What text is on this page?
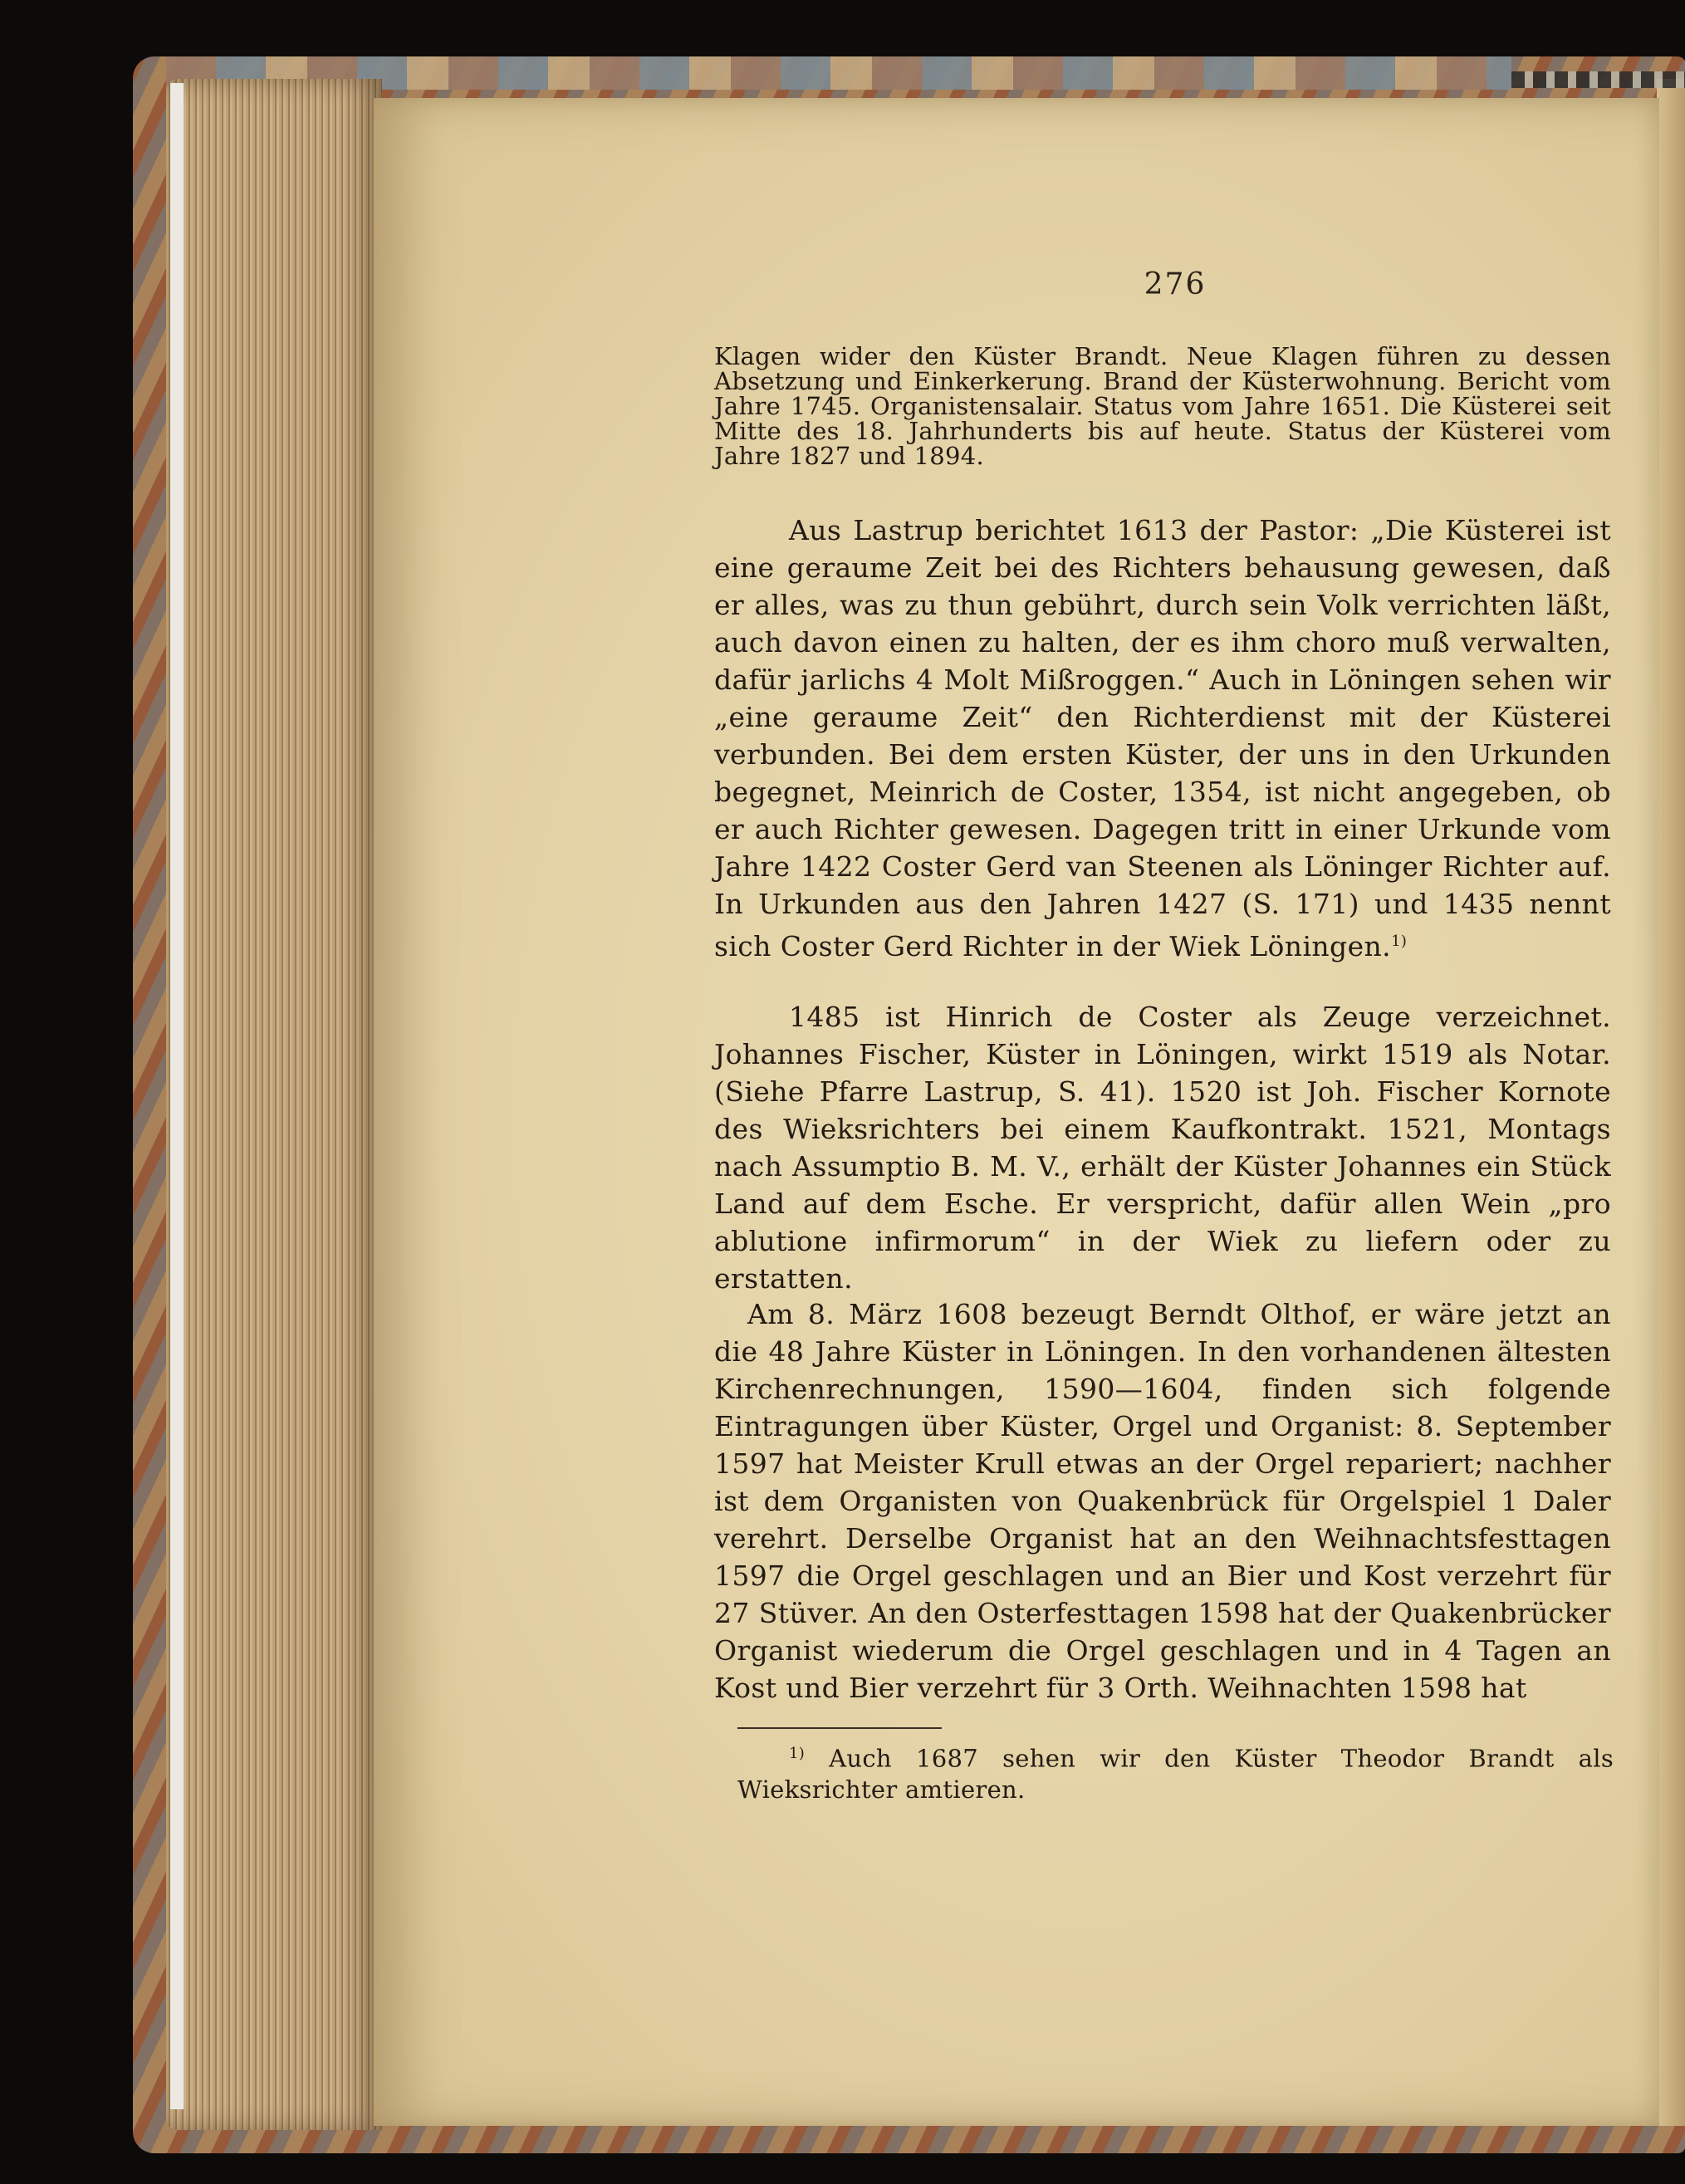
276
Klagen wider den Küster Brandt. Neue Klagen führen zu dessen Absetzung und Einkerkerung. Brand der Küsterwohnung. Bericht vom Jahre 1745. Organistensalair. Status vom Jahre 1651. Die Küsterei seit Mitte des 18. Jahrhunderts bis auf heute. Status der Küsterei vom Jahre 1827 und 1894.
Aus Lastrup berichtet 1613 der Pastor: „Die Küsterei ist eine geraume Zeit bei des Richters behausung gewesen, daß er alles, was zu thun gebührt, durch sein Volk verrichten läßt, auch davon einen zu halten, der es ihm choro muß verwalten, dafür jarlichs 4 Molt Mißroggen.“ Auch in Löningen sehen wir „eine geraume Zeit“ den Richterdienst mit der Küsterei verbunden. Bei dem ersten Küster, der uns in den Urkunden begegnet, Meinrich de Coster, 1354, ist nicht angegeben, ob er auch Richter gewesen. Dagegen tritt in einer Urkunde vom Jahre 1422 Coster Gerd van Steenen als Löninger Richter auf. In Urkunden aus den Jahren 1427 (S. 171) und 1435 nennt sich Coster Gerd Richter in der Wiek Löningen.$^{1)}$
1485 ist Hinrich de Coster als Zeuge verzeichnet. Johannes Fischer, Küster in Löningen, wirkt 1519 als Notar. (Siehe Pfarre Lastrup, S. 41). 1520 ist Joh. Fischer Kornote des Wieksrichters bei einem Kaufkontrakt. 1521, Montags nach Assumptio B. M. V., erhält der Küster Johannes ein Stück Land auf dem Esche. Er verspricht, dafür allen Wein „pro ablutione infirmorum“ in der Wiek zu liefern oder zu erstatten.
Am 8. März 1608 bezeugt Berndt Olthof, er wäre jetzt an die 48 Jahre Küster in Löningen. In den vorhandenen ältesten Kirchenrechnungen, 1590—1604, finden sich folgende Eintragungen über Küster, Orgel und Organist: 8. September 1597 hat Meister Krull etwas an der Orgel repariert; nachher ist dem Organisten von Quakenbrück für Orgelspiel 1 Daler verehrt. Derselbe Organist hat an den Weihnachtsfesttagen 1597 die Orgel geschlagen und an Bier und Kost verzehrt für 27 Stüver. An den Osterfesttagen 1598 hat der Quakenbrücker Organist wiederum die Orgel geschlagen und in 4 Tagen an Kost und Bier verzehrt für 3 Orth. Weihnachten 1598 hat
$^{1)}$ Auch 1687 sehen wir den Küster Theodor Brandt als Wieksrichter amtieren.
